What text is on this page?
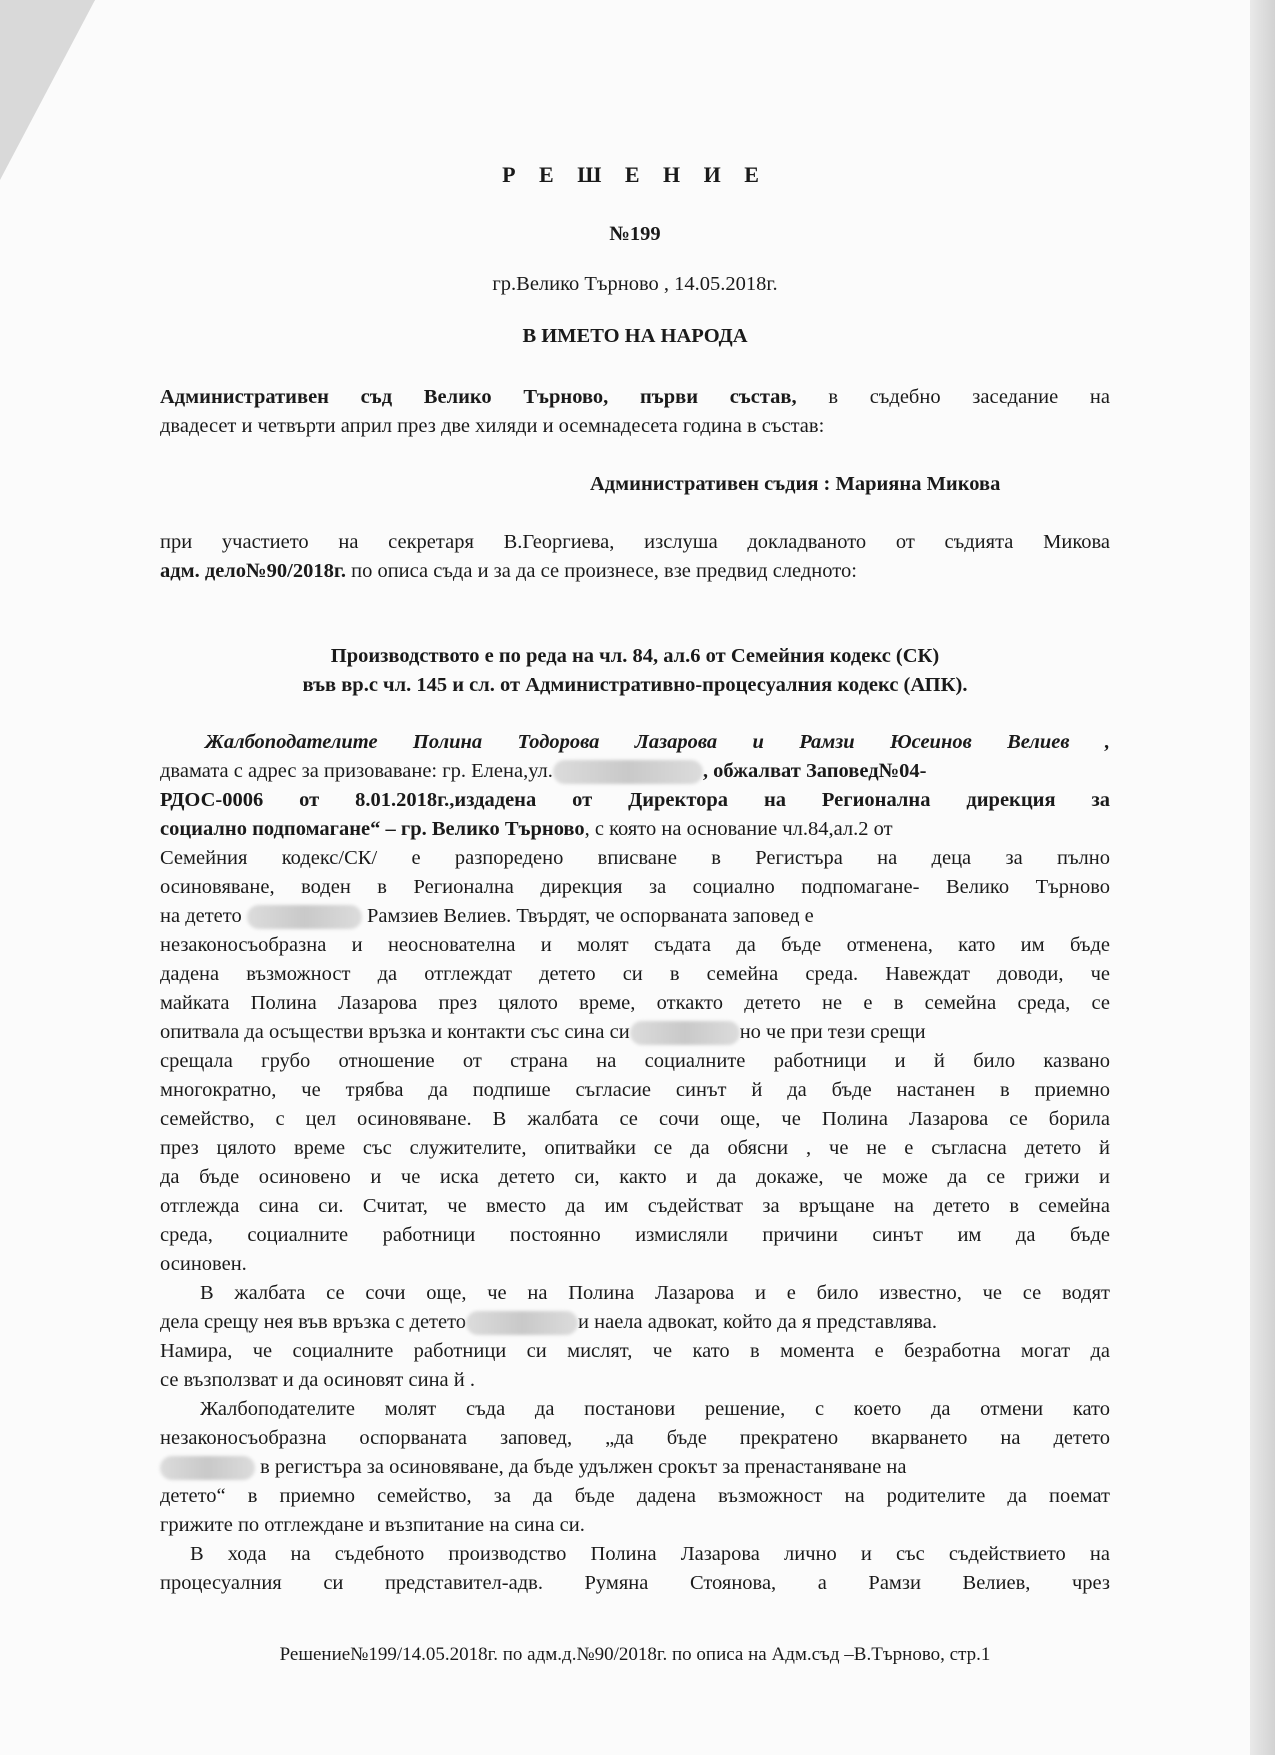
Р Е Ш Е Н И Е
№199
гр.Велико Търново , 14.05.2018г.
В ИМЕТО НА НАРОДА
Административен съд Велико Търново, първи състав, в съдебно заседание на
двадесет и четвърти април през две хиляди и осемнадесета година в състав:
Административен съдия : Марияна Микова
при участието на секретаря В.Георгиева, изслуша докладваното от съдията Микова
адм. дело№90/2018г. по описа съда и за да се произнесе, взе предвид следното:
Производството е по реда на чл. 84, ал.6 от Семейния кодекс (СК)
във вр.с чл. 145 и сл. от Административно-процесуалния кодекс (АПК).
Жалбоподателите Полина Тодорова Лазарова и Рамзи Юсеинов Велиев ,
двамата с адрес за призоваване: гр. Елена,ул.	, обжалват Заповед№04-
РДОС-0006 от 8.01.2018г.,издадена от Директора на Регионална дирекция за
социално подпомагане“ – гр. Велико Търново, с която на основание чл.84,ал.2 от
Семейния кодекс/СК/ е разпоредено вписване в Регистъра на деца за пълно
осиновяване, воден в Регионална дирекция за социално подпомагане- Велико Търново
на детето	Рамзиев Велиев. Твърдят, че оспорваната заповед е
незаконосъобразна и неоснователна и молят съдата да бъде отменена, като им бъде
дадена възможност да отглеждат детето си в семейна среда. Навеждат доводи, че
майката Полина Лазарова през цялото време, откакто детето не е в семейна среда, се
опитвала да осъществи връзка и контакти със сина си	но че при тези срещи
срещала грубо отношение от страна на социалните работници и й било казвано
многократно, че трябва да подпише съгласие синът й да бъде настанен в приемно
семейство, с цел осиновяване. В жалбата се сочи още, че Полина Лазарова се борила
през цялото време със служителите, опитвайки се да обясни , че не е съгласна детето й
да бъде осиновено и че иска детето си, както и да докаже, че може да се грижи и
отглежда сина си. Считат, че вместо да им съдействат за връщане на детето в семейна
среда, социалните работници постоянно измисляли причини синът им да бъде
осиновен.
В жалбата се сочи още, че на Полина Лазарова и е било известно, че се водят
дела срещу нея във връзка с детето	и наела адвокат, който да я представлява.
Намира, че социалните работници си мислят, че като в момента е безработна могат да
се възползват и да осиновят сина й .
Жалбоподателите молят съда да постанови решение, с което да отмени като
незаконосъобразна оспорваната заповед, „да бъде прекратено вкарването на детето
в регистъра за осиновяване, да бъде удължен срокът за пренастаняване на
детето“ в приемно семейство, за да бъде дадена възможност на родителите да поемат
грижите по отглеждане и възпитание на сина си.
В хода на съдебното производство Полина Лазарова лично и със съдействието на
процесуалния си представител-адв. Румяна Стоянова, а Рамзи Велиев, чрез
Решение№199/14.05.2018г. по адм.д.№90/2018г. по описа на Адм.съд –В.Търново, стр.1
